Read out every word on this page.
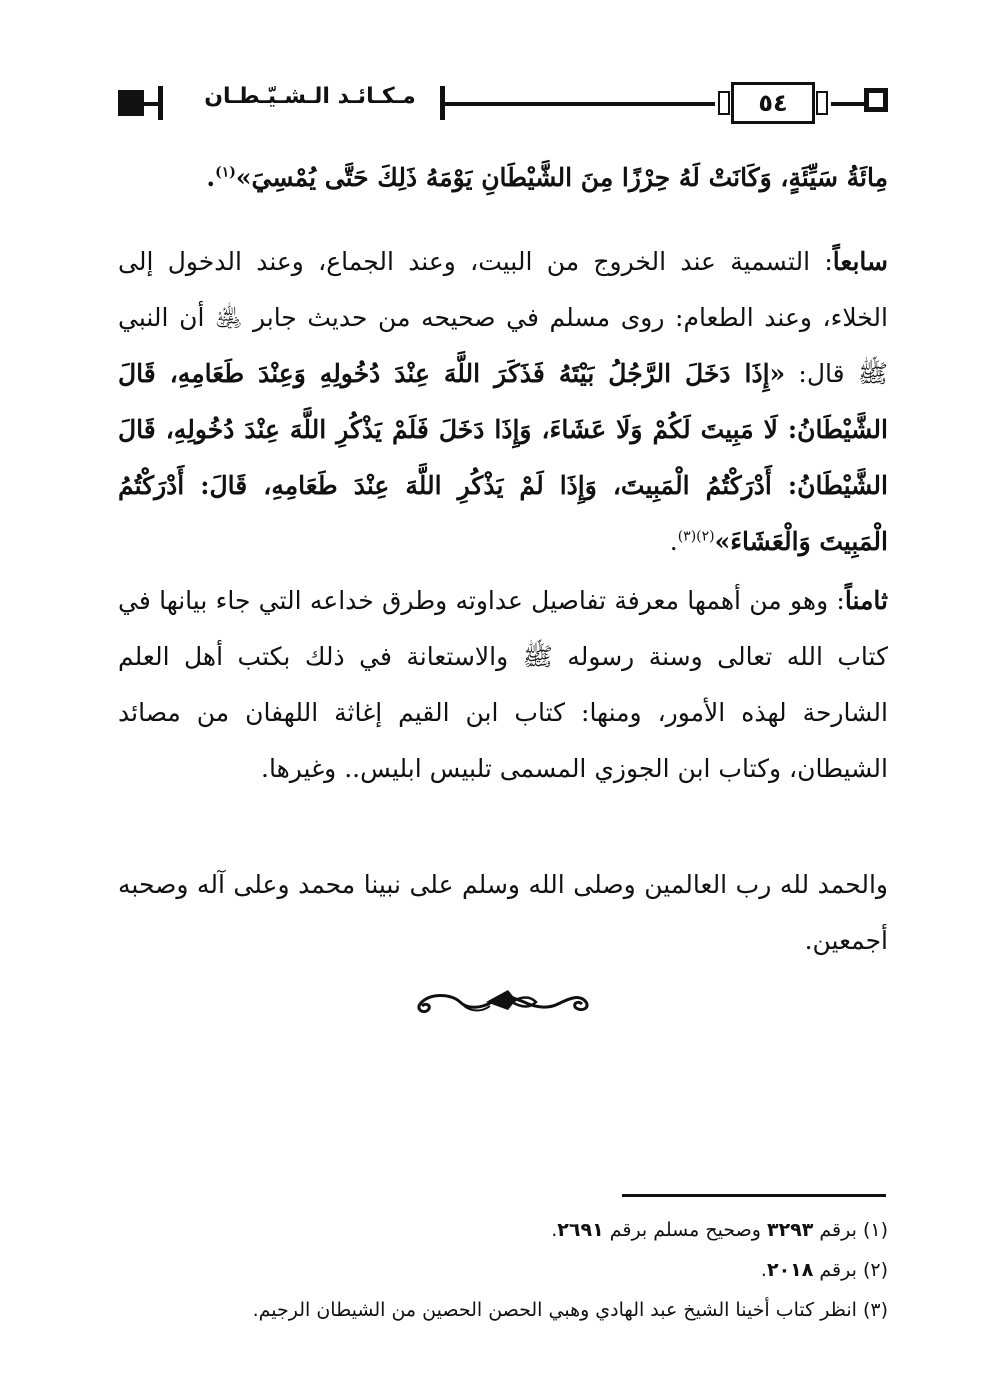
مـكـائـد الـشـيّـطـان	٥٤
مِائَةُ سَيِّئَةٍ، وَكَانَتْ لَهُ حِرْزًا مِنَ الشَّيْطَانِ يَوْمَهُ ذَلِكَ حَتَّى يُمْسِيَ»$^{(١)}$.
سابعاً: التسمية عند الخروج من البيت، وعند الجماع، وعند الدخول إلى الخلاء، وعند الطعام: روى مسلم في صحيحه من حديث جابر ﵁ أن النبي ﷺ قال: «إِذَا دَخَلَ الرَّجُلُ بَيْتَهُ فَذَكَرَ اللَّهَ عِنْدَ دُخُولِهِ وَعِنْدَ طَعَامِهِ، قَالَ الشَّيْطَانُ: لَا مَبِيتَ لَكُمْ وَلَا عَشَاءَ، وَإِذَا دَخَلَ فَلَمْ يَذْكُرِ اللَّهَ عِنْدَ دُخُولِهِ، قَالَ الشَّيْطَانُ: أَدْرَكْتُمُ الْمَبِيتَ، وَإِذَا لَمْ يَذْكُرِ اللَّهَ عِنْدَ طَعَامِهِ، قَالَ: أَدْرَكْتُمُ الْمَبِيتَ وَالْعَشَاءَ»$^{(٢)(٣)}$.
ثامناً: وهو من أهمها معرفة تفاصيل عداوته وطرق خداعه التي جاء بيانها في كتاب الله تعالى وسنة رسوله ﷺ والاستعانة في ذلك بكتب أهل العلم الشارحة لهذه الأمور، ومنها: كتاب ابن القيم إغاثة اللهفان من مصائد الشيطان، وكتاب ابن الجوزي المسمى تلبيس ابليس.. وغيرها.
والحمد لله رب العالمين وصلى الله وسلم على نبينا محمد وعلى آله وصحبه أجمعين.
(١) برقم ٣٢٩٣ وصحيح مسلم برقم ٢٦٩١.
(٢) برقم ٢٠١٨.
(٣) انظر كتاب أخينا الشيخ عبد الهادي وهبي الحصن الحصين من الشيطان الرجيم.
